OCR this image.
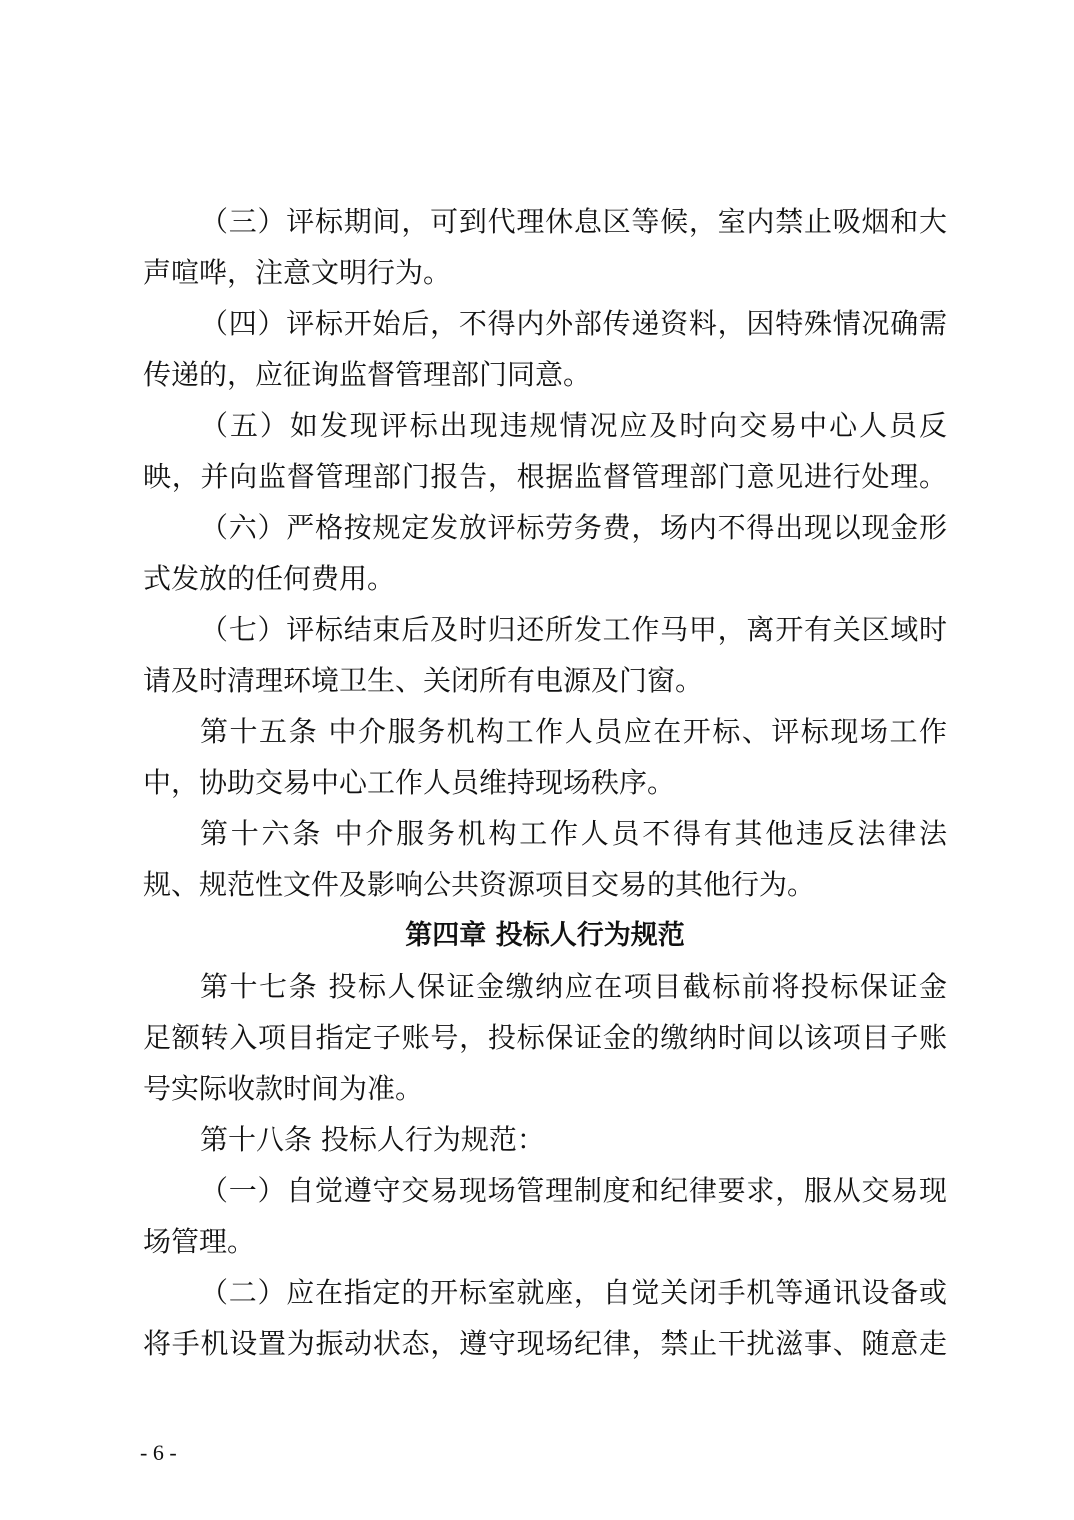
（三）评标期间，可到代理休息区等候，室内禁止吸烟和大
声喧哗，注意文明行为。
（四）评标开始后，不得内外部传递资料，因特殊情况确需
传递的，应征询监督管理部门同意。
（五）如发现评标出现违规情况应及时向交易中心人员反
映，并向监督管理部门报告，根据监督管理部门意见进行处理。
（六）严格按规定发放评标劳务费，场内不得出现以现金形
式发放的任何费用。
（七）评标结束后及时归还所发工作马甲，离开有关区域时
请及时清理环境卫生、关闭所有电源及门窗。
第十五条 中介服务机构工作人员应在开标、评标现场工作
中，协助交易中心工作人员维持现场秩序。
第十六条 中介服务机构工作人员不得有其他违反法律法
规、规范性文件及影响公共资源项目交易的其他行为。
第四章 投标人行为规范
第十七条 投标人保证金缴纳应在项目截标前将投标保证金
足额转入项目指定子账号，投标保证金的缴纳时间以该项目子账
号实际收款时间为准。
第十八条 投标人行为规范：
（一）自觉遵守交易现场管理制度和纪律要求，服从交易现
场管理。
（二）应在指定的开标室就座，自觉关闭手机等通讯设备或
将手机设置为振动状态，遵守现场纪律，禁止干扰滋事、随意走
- 6 -
